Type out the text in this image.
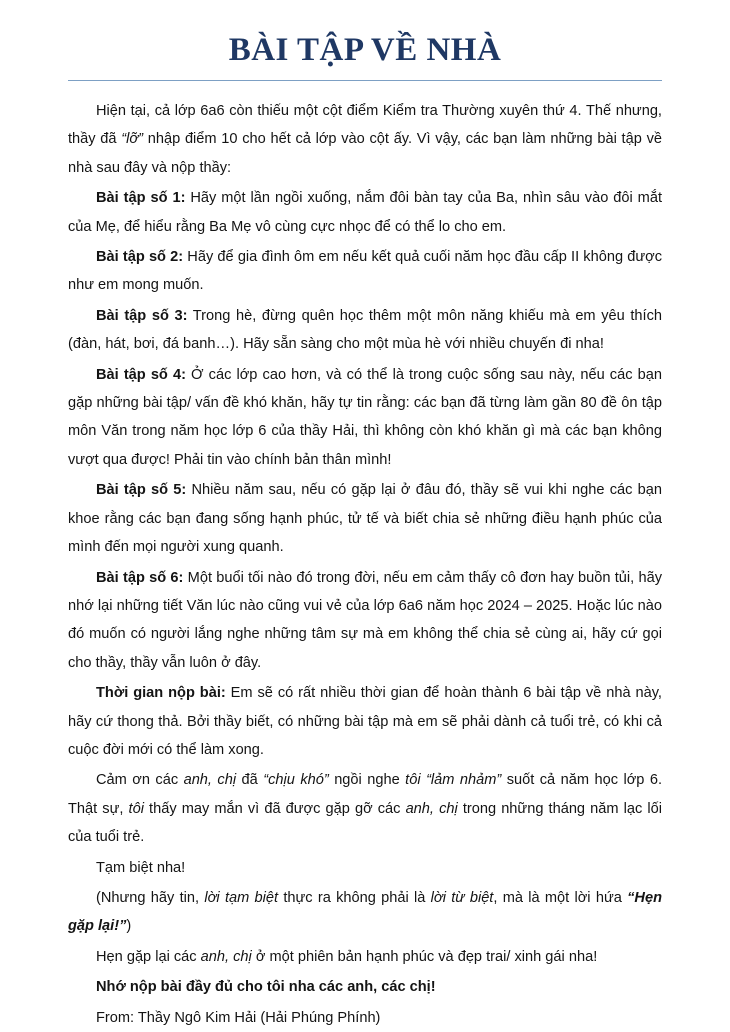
BÀI TẬP VỀ NHÀ

Hiện tại, cả lớp 6a6 còn thiếu một cột điểm Kiểm tra Thường xuyên thứ 4. Thế nhưng, thầy đã “lỡ” nhập điểm 10 cho hết cả lớp vào cột ấy. Vì vậy, các bạn làm những bài tập về nhà sau đây và nộp thầy:

Bài tập số 1: Hãy một lần ngồi xuống, nắm đôi bàn tay của Ba, nhìn sâu vào đôi mắt của Mẹ, để hiểu rằng Ba Mẹ vô cùng cực nhọc để có thể lo cho em.

Bài tập số 2: Hãy để gia đình ôm em nếu kết quả cuối năm học đầu cấp II không được như em mong muốn.

Bài tập số 3: Trong hè, đừng quên học thêm một môn năng khiếu mà em yêu thích (đàn, hát, bơi, đá banh…). Hãy sẵn sàng cho một mùa hè với nhiều chuyến đi nha!

Bài tập số 4: Ở các lớp cao hơn, và có thể là trong cuộc sống sau này, nếu các bạn gặp những bài tập/ vấn đề khó khăn, hãy tự tin rằng: các bạn đã từng làm gần 80 đề ôn tập môn Văn trong năm học lớp 6 của thầy Hải, thì không còn khó khăn gì mà các bạn không vượt qua được! Phải tin vào chính bản thân mình!

Bài tập số 5: Nhiều năm sau, nếu có gặp lại ở đâu đó, thầy sẽ vui khi nghe các bạn khoe rằng các bạn đang sống hạnh phúc, tử tế và biết chia sẻ những điều hạnh phúc của mình đến mọi người xung quanh.

Bài tập số 6: Một buổi tối nào đó trong đời, nếu em cảm thấy cô đơn hay buồn tủi, hãy nhớ lại những tiết Văn lúc nào cũng vui vẻ của lớp 6a6 năm học 2024 – 2025. Hoặc lúc nào đó muốn có người lắng nghe những tâm sự mà em không thể chia sẻ cùng ai, hãy cứ gọi cho thầy, thầy vẫn luôn ở đây.

Thời gian nộp bài: Em sẽ có rất nhiều thời gian để hoàn thành 6 bài tập về nhà này, hãy cứ thong thả. Bởi thầy biết, có những bài tập mà em sẽ phải dành cả tuổi trẻ, có khi cả cuộc đời mới có thể làm xong.

Cảm ơn các anh, chị đã “chịu khó” ngồi nghe tôi “lảm nhảm” suốt cả năm học lớp 6. Thật sự, tôi thấy may mắn vì đã được gặp gỡ các anh, chị trong những tháng năm lạc lối của tuổi trẻ.

Tạm biệt nha!

(Nhưng hãy tin, lời tạm biệt thực ra không phải là lời từ biệt, mà là một lời hứa “Hẹn gặp lại!”)

Hẹn gặp lại các anh, chị ở một phiên bản hạnh phúc và đẹp trai/ xinh gái nha!

Nhớ nộp bài đầy đủ cho tôi nha các anh, các chị!

From: Thầy Ngô Kim Hải (Hải Phúng Phính)
